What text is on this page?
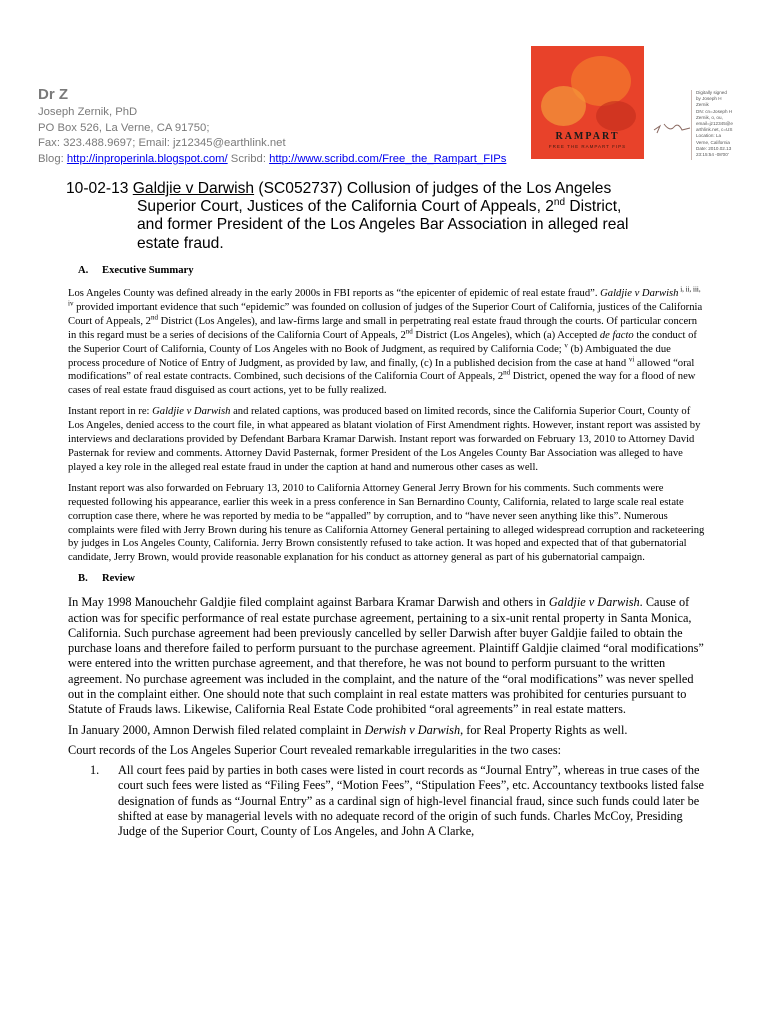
Dr Z
Joseph Zernik, PhD
PO Box 526, La Verne, CA 91750;
Fax: 323.488.9697; Email: jz12345@earthlink.net
Blog: http://inproperinla.blogspot.com/ Scribd: http://www.scribd.com/Free_the_Rampart_FIPs
RAMPART
FREE THE RAMPART FIPS
Digitally signed
by Joseph H
Zernik
DN: cn=Joseph H
Zernik, o, ou,
email=jz12345@e
arthlink.net, c=US
Location: La
Verne, California
Date: 2010.02.13
23:15:54 -08'00'
10-02-13 Galdjie v Darwish (SC052737) Collusion of judges of the Los Angeles
Superior Court, Justices of the California Court of Appeals, 2nd District,
and former President of the Los Angeles Bar Association in alleged real
estate fraud.
A. Executive Summary

Los Angeles County was defined already in the early 2000s in FBI reports as “the epicenter of epidemic of real estate fraud”. Galdjie v Darwish $^{i, ii, iii, iv}$ provided important evidence that such “epidemic” was founded on collusion of judges of the Superior Court of California, justices of the California Court of Appeals, 2nd District (Los Angeles), and law-firms large and small in perpetrating real estate fraud through the courts. Of particular concern in this regard must be a series of decisions of the California Court of Appeals, 2nd District (Los Angeles), which (a) Accepted de facto the conduct of the Superior Court of California, County of Los Angeles with no Book of Judgment, as required by California Code; $^v$ (b) Ambiguated the due process procedure of Notice of Entry of Judgment, as provided by law, and finally, (c) In a published decision from the case at hand $^{vi}$ allowed “oral modifications” of real estate contracts. Combined, such decisions of the California Court of Appeals, 2nd District, opened the way for a flood of new cases of real estate fraud disguised as court actions, yet to be fully realized.

Instant report in re: Galdjie v Darwish and related captions, was produced based on limited records, since the California Superior Court, County of Los Angeles, denied access to the court file, in what appeared as blatant violation of First Amendment rights. However, instant report was assisted by interviews and declarations provided by Defendant Barbara Kramar Darwish. Instant report was forwarded on February 13, 2010 to Attorney David Pasternak for review and comments. Attorney David Pasternak, former President of the Los Angeles County Bar Association was alleged to have played a key role in the alleged real estate fraud in under the caption at hand and numerous other cases as well.

Instant report was also forwarded on February 13, 2010 to California Attorney General Jerry Brown for his comments. Such comments were requested following his appearance, earlier this week in a press conference in San Bernardino County, California, related to large scale real estate corruption case there, where he was reported by media to be “appalled” by corruption, and to “have never seen anything like this”. Numerous complaints were filed with Jerry Brown during his tenure as California Attorney General pertaining to alleged widespread corruption and racketeering by judges in Los Angeles County, California. Jerry Brown consistently refused to take action. It was hoped and expected that of that gubernatorial candidate, Jerry Brown, would provide reasonable explanation for his conduct as attorney general as part of his gubernatorial campaign.

B. Review

In May 1998 Manouchehr Galdjie filed complaint against Barbara Kramar Darwish and others in Galdjie v Darwish. Cause of action was for specific performance of real estate purchase agreement, pertaining to a six-unit rental property in Santa Monica, California. Such purchase agreement had been previously cancelled by seller Darwish after buyer Galdjie failed to obtain the purchase loans and therefore failed to perform pursuant to the purchase agreement. Plaintiff Galdjie claimed “oral modifications” were entered into the written purchase agreement, and that therefore, he was not bound to perform pursuant to the written agreement. No purchase agreement was included in the complaint, and the nature of the “oral modifications” was never spelled out in the complaint either. One should note that such complaint in real estate matters was prohibited for centuries pursuant to Statute of Frauds laws. Likewise, California Real Estate Code prohibited “oral agreements” in real estate matters.

In January 2000, Amnon Derwish filed related complaint in Derwish v Darwish, for Real Property Rights as well.

Court records of the Los Angeles Superior Court revealed remarkable irregularities in the two cases:

1.	All court fees paid by parties in both cases were listed in court records as “Journal Entry”, whereas in true cases of the court such fees were listed as “Filing Fees”, “Motion Fees”, “Stipulation Fees”, etc. Accountancy textbooks listed false designation of funds as “Journal Entry” as a cardinal sign of high-level financial fraud, since such funds could later be shifted at ease by managerial levels with no adequate record of the origin of such funds. Charles McCoy, Presiding Judge of the Superior Court, County of Los Angeles, and John A Clarke,
